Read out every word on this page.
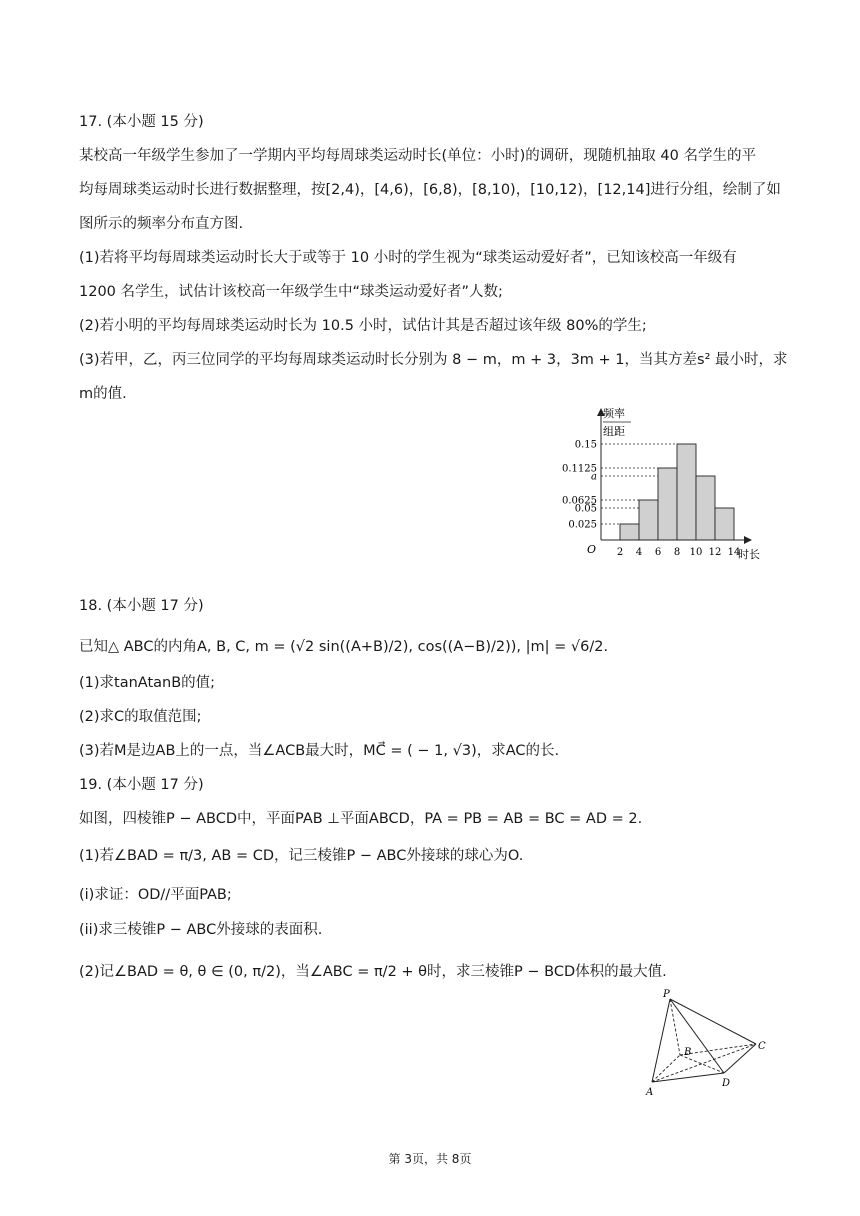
17. (本小题 15 分)
某校高一年级学生参加了一学期内平均每周球类运动时长(单位：小时)的调研，现随机抽取 40 名学生的平
均每周球类运动时长进行数据整理，按[2,4)，[4,6)，[6,8)，[8,10)，[10,12)，[12,14]进行分组，绘制了如
图所示的频率分布直方图.
(1)若将平均每周球类运动时长大于或等于 10 小时的学生视为“球类运动爱好者”，已知该校高一年级有
1200 名学生，试估计该校高一年级学生中“球类运动爱好者”人数;
(2)若小明的平均每周球类运动时长为 10.5 小时，试估计其是否超过该年级 80%的学生;
(3)若甲，乙，丙三位同学的平均每周球类运动时长分别为 8 − m，m + 3，3m + 1，当其方差s² 最小时，求
m的值.
频率
组距
O	时长
0.15
0.1125
a
0.0625
0.05
0.025
2 4 6 8 10 12 14
18. (本小题 17 分)
已知△ ABC的内角A, B, C, m = (√2 sin((A+B)/2), cos((A−B)/2)), |m| = √6/2.
(1)求tanAtanB的值;
(2)求C的取值范围;
(3)若M是边AB上的一点，当∠ACB最大时，MC⃗ = ( − 1, √3)，求AC的长.
19. (本小题 17 分)
如图，四棱锥P − ABCD中，平面PAB ⊥平面ABCD，PA = PB = AB = BC = AD = 2.
(1)若∠BAD = π/3, AB = CD，记三棱锥P − ABC外接球的球心为O.
(i)求证：OD//平面PAB;
(ii)求三棱锥P − ABC外接球的表面积.
(2)记∠BAD = θ, θ ∈ (0, π/2)，当∠ABC = π/2 + θ时，求三棱锥P − BCD体积的最大值.
P
A
B
C
D
第 3页，共 8页
